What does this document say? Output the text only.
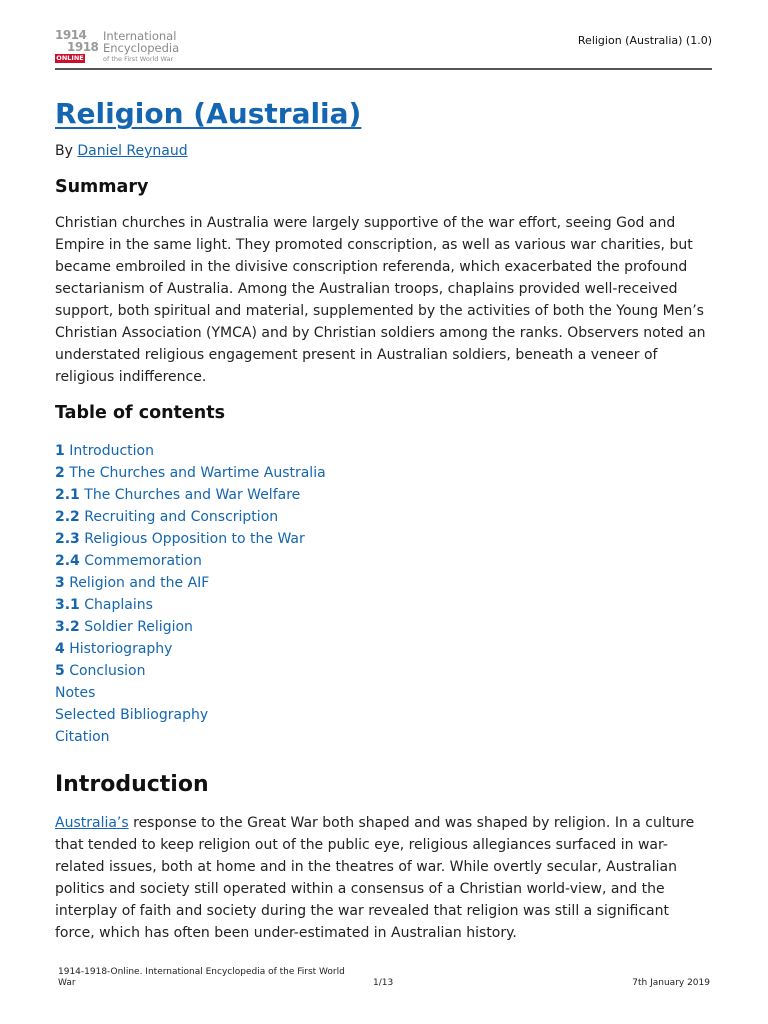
1914
1918
ONLINE
International
Encyclopedia
of the First World War
Religion (Australia) (1.0)
Religion (Australia)
By Daniel Reynaud
Summary

Christian churches in Australia were largely supportive of the war effort, seeing God and Empire in the same light. They promoted conscription, as well as various war charities, but became embroiled in the divisive conscription referenda, which exacerbated the profound sectarianism of Australia. Among the Australian troops, chaplains provided well-received support, both spiritual and material, supplemented by the activities of both the Young Men’s Christian Association (YMCA) and by Christian soldiers among the ranks. Observers noted an understated religious engagement present in Australian soldiers, beneath a veneer of religious indifference.

Table of contents
1 Introduction
2 The Churches and Wartime Australia
2.1 The Churches and War Welfare
2.2 Recruiting and Conscription
2.3 Religious Opposition to the War
2.4 Commemoration
3 Religion and the AIF
3.1 Chaplains
3.2 Soldier Religion
4 Historiography
5 Conclusion
Notes
Selected Bibliography
Citation
Introduction

Australia’s response to the Great War both shaped and was shaped by religion. In a culture that tended to keep religion out of the public eye, religious allegiances surfaced in war-related issues, both at home and in the theatres of war. While overtly secular, Australian politics and society still operated within a consensus of a Christian world-view, and the interplay of faith and society during the war revealed that religion was still a significant force, which has often been under-estimated in Australian history.

1914-1918-Online. International Encyclopedia of the First World War	1/13	7th January 2019
